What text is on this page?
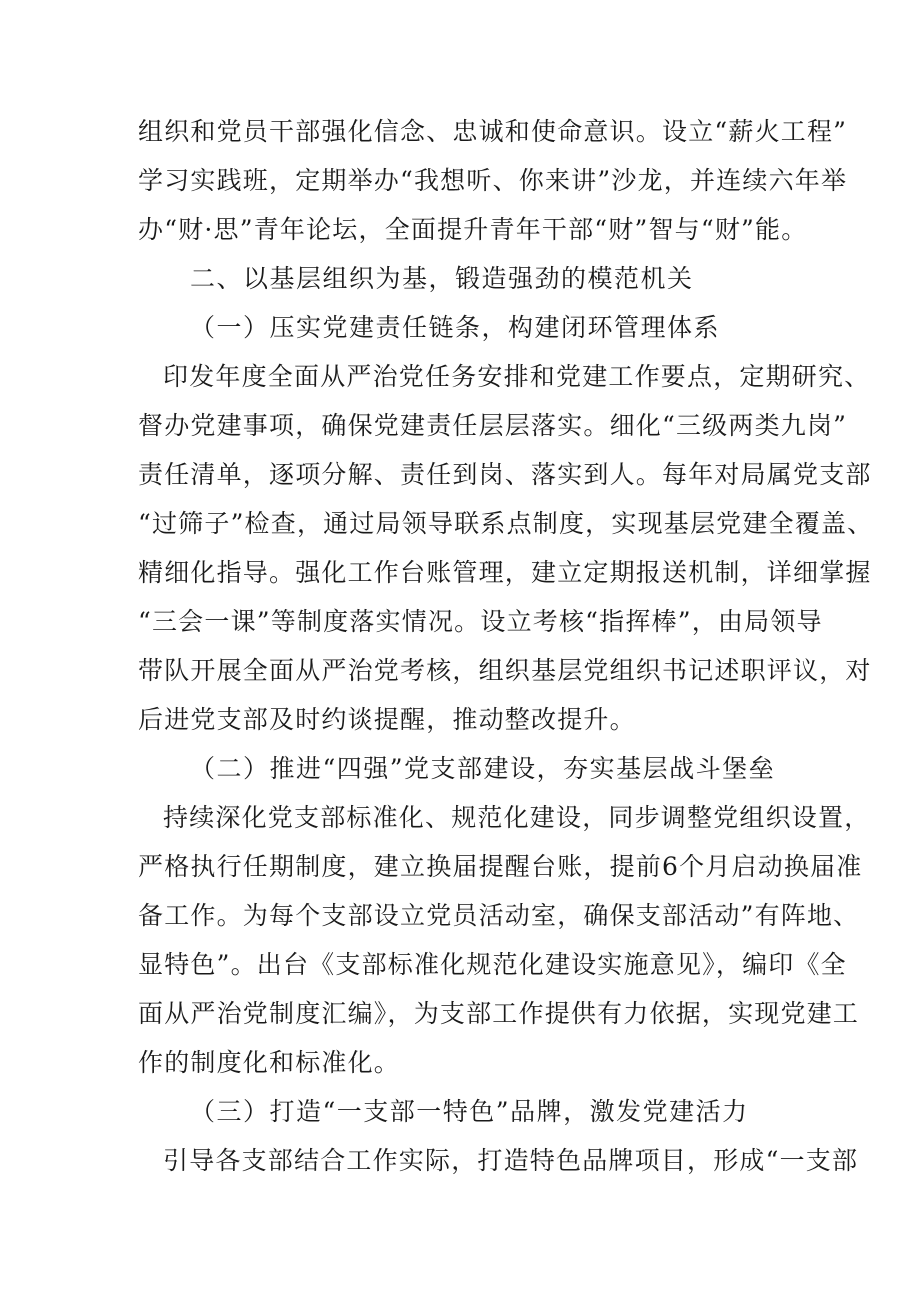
组织和党员干部强化信念、忠诚和使命意识。设立“薪火工程”
学习实践班，定期举办“我想听、你来讲”沙龙，并连续六年举
办“财·思”青年论坛，全面提升青年干部“财”智与“财”能。
二、以基层组织为基，锻造强劲的模范机关
（一）压实党建责任链条，构建闭环管理体系
印发年度全面从严治党任务安排和党建工作要点，定期研究、
督办党建事项，确保党建责任层层落实。细化“三级两类九岗”
责任清单，逐项分解、责任到岗、落实到人。每年对局属党支部
“过筛子”检查，通过局领导联系点制度，实现基层党建全覆盖、
精细化指导。强化工作台账管理，建立定期报送机制，详细掌握
“三会一课”等制度落实情况。设立考核“指挥棒”，由局领导
带队开展全面从严治党考核，组织基层党组织书记述职评议，对
后进党支部及时约谈提醒，推动整改提升。
（二）推进“四强”党支部建设，夯实基层战斗堡垒
持续深化党支部标准化、规范化建设，同步调整党组织设置，
严格执行任期制度，建立换届提醒台账，提前6个月启动换届准
备工作。为每个支部设立党员活动室，确保支部活动”有阵地、
显特色”。出台《支部标准化规范化建设实施意见》，编印《全
面从严治党制度汇编》，为支部工作提供有力依据，实现党建工
作的制度化和标准化。
（三）打造“一支部一特色”品牌，激发党建活力
引导各支部结合工作实际，打造特色品牌项目，形成“一支部
